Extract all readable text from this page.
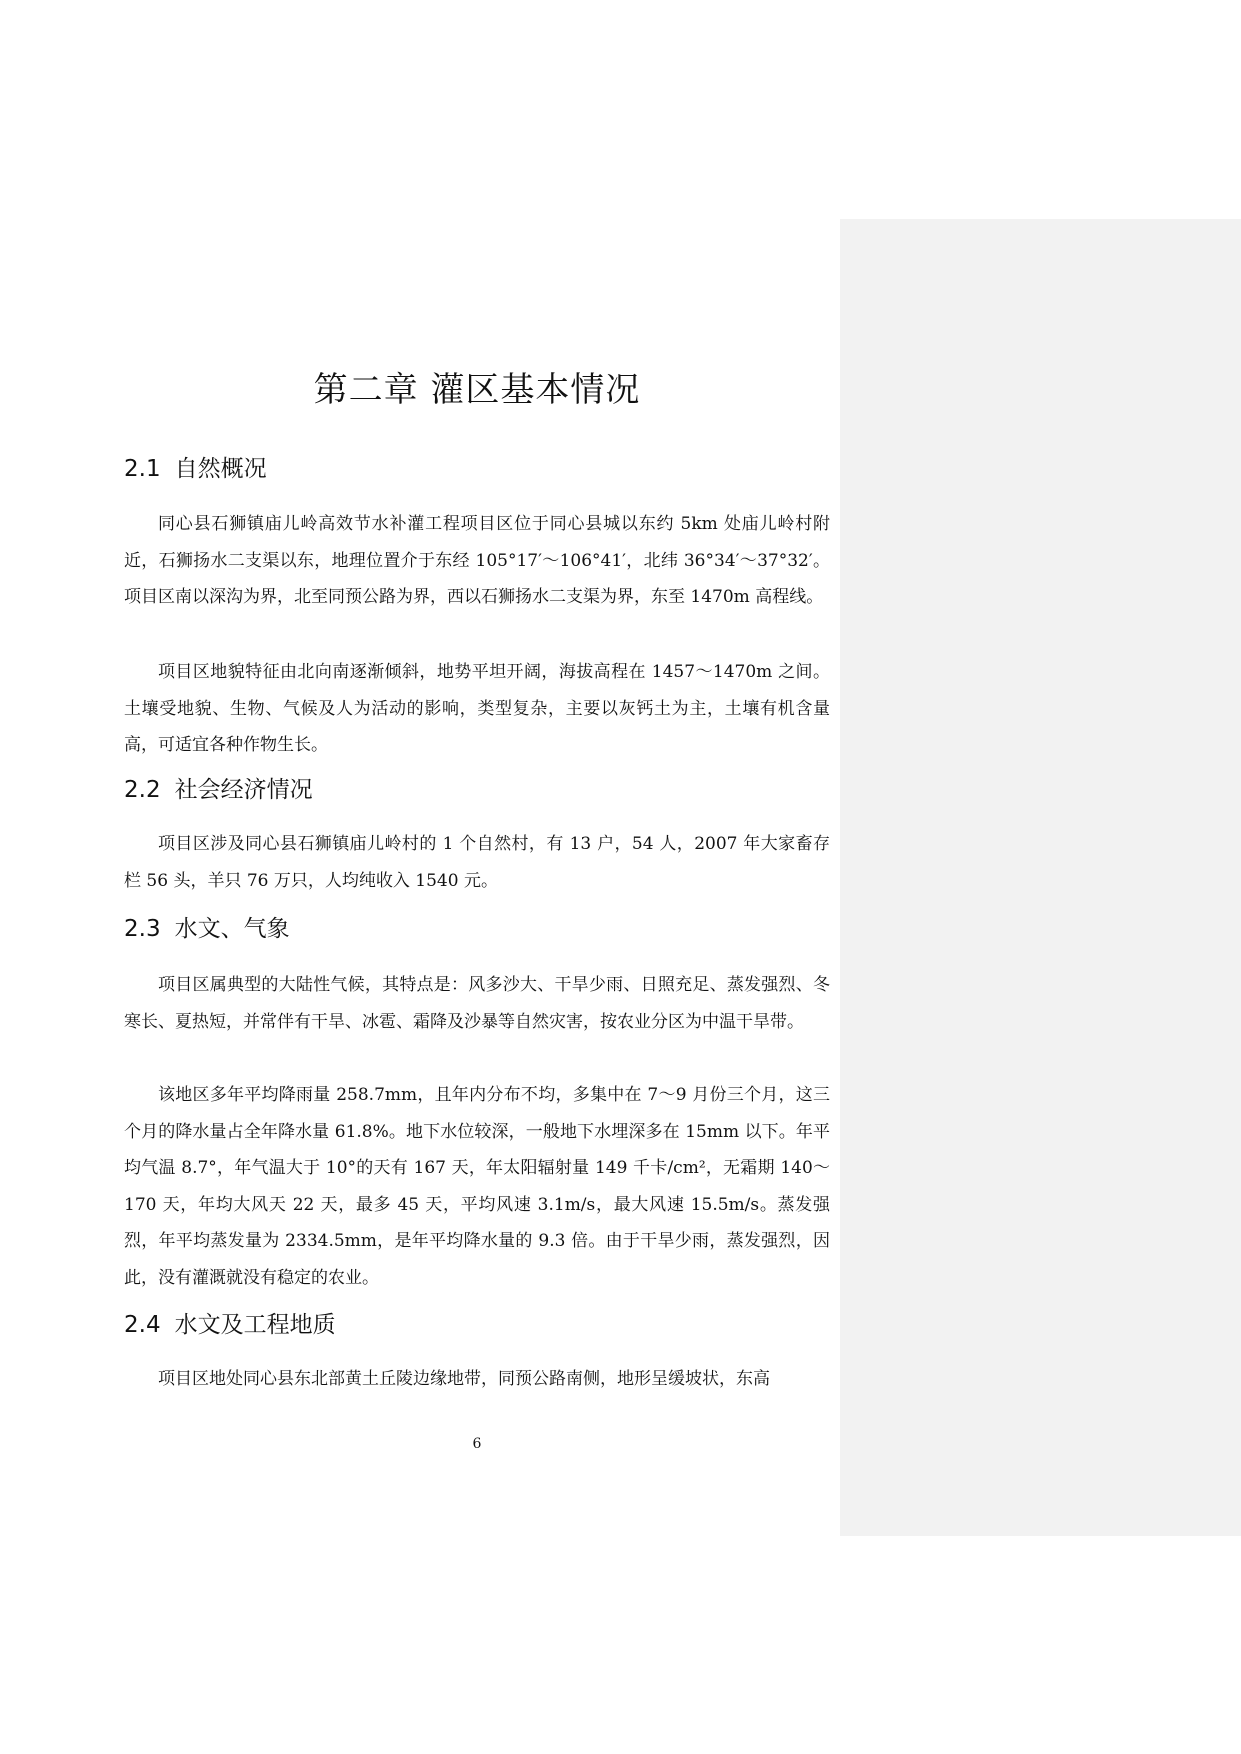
第二章 灌区基本情况
2.1 自然概况

同心县石狮镇庙儿岭高效节水补灌工程项目区位于同心县城以东约 5km 处庙儿岭村附近，石狮扬水二支渠以东，地理位置介于东经 105°17′～106°41′，北纬 36°34′～37°32′。项目区南以深沟为界，北至同预公路为界，西以石狮扬水二支渠为界，东至 1470m 高程线。

项目区地貌特征由北向南逐渐倾斜，地势平坦开阔，海拔高程在 1457～1470m 之间。土壤受地貌、生物、气候及人为活动的影响，类型复杂，主要以灰钙土为主，土壤有机含量高，可适宜各种作物生长。

2.2 社会经济情况

项目区涉及同心县石狮镇庙儿岭村的 1 个自然村，有 13 户，54 人，2007 年大家畜存栏 56 头，羊只 76 万只，人均纯收入 1540 元。

2.3 水文、气象

项目区属典型的大陆性气候，其特点是：风多沙大、干旱少雨、日照充足、蒸发强烈、冬寒长、夏热短，并常伴有干旱、冰雹、霜降及沙暴等自然灾害，按农业分区为中温干旱带。

该地区多年平均降雨量 258.7mm，且年内分布不均，多集中在 7～9 月份三个月，这三个月的降水量占全年降水量 61.8%。地下水位较深，一般地下水埋深多在 15mm 以下。年平均气温 8.7°，年气温大于 10°的天有 167 天，年太阳辐射量 149 千卡/cm²，无霜期 140～170 天，年均大风天 22 天，最多 45 天，平均风速 3.1m/s，最大风速 15.5m/s。蒸发强烈，年平均蒸发量为 2334.5mm，是年平均降水量的 9.3 倍。由于干旱少雨，蒸发强烈，因此，没有灌溉就没有稳定的农业。

2.4 水文及工程地质

项目区地处同心县东北部黄土丘陵边缘地带，同预公路南侧，地形呈缓坡状，东高

6
